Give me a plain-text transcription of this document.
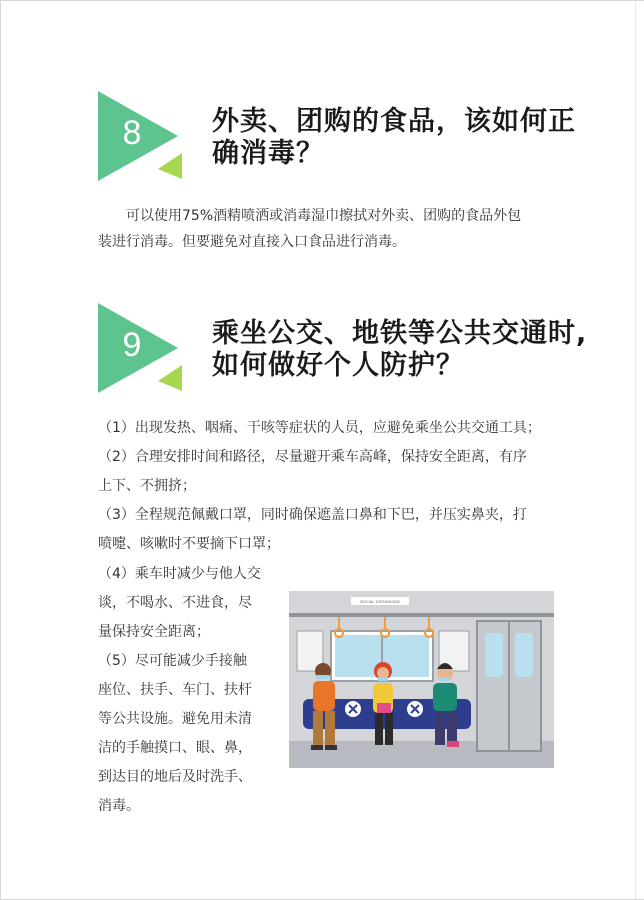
8	外卖、团购的食品，该如何正
确消毒？
可以使用75%酒精喷洒或消毒湿巾擦拭对外卖、团购的食品外包
装进行消毒。但要避免对直接入口食品进行消毒。
9	乘坐公交、地铁等公共交通时,
如何做好个人防护？
（1）出现发热、咽痛、干咳等症状的人员，应避免乘坐公共交通工具；
（2）合理安排时间和路径，尽量避开乘车高峰，保持安全距离，有序
上下、不拥挤；
（3）全程规范佩戴口罩，同时确保遮盖口鼻和下巴，并压实鼻夹，打
喷嚏、咳嗽时不要摘下口罩；
（4）乘车时减少与他人交
谈，不喝水、不进食，尽
量保持安全距离；
（5）尽可能减少手接触
座位、扶手、车门、扶杆
等公共设施。避免用未清
洁的手触摸口、眼、鼻，
到达目的地后及时洗手、
消毒。
SOCIAL DISTANCING
